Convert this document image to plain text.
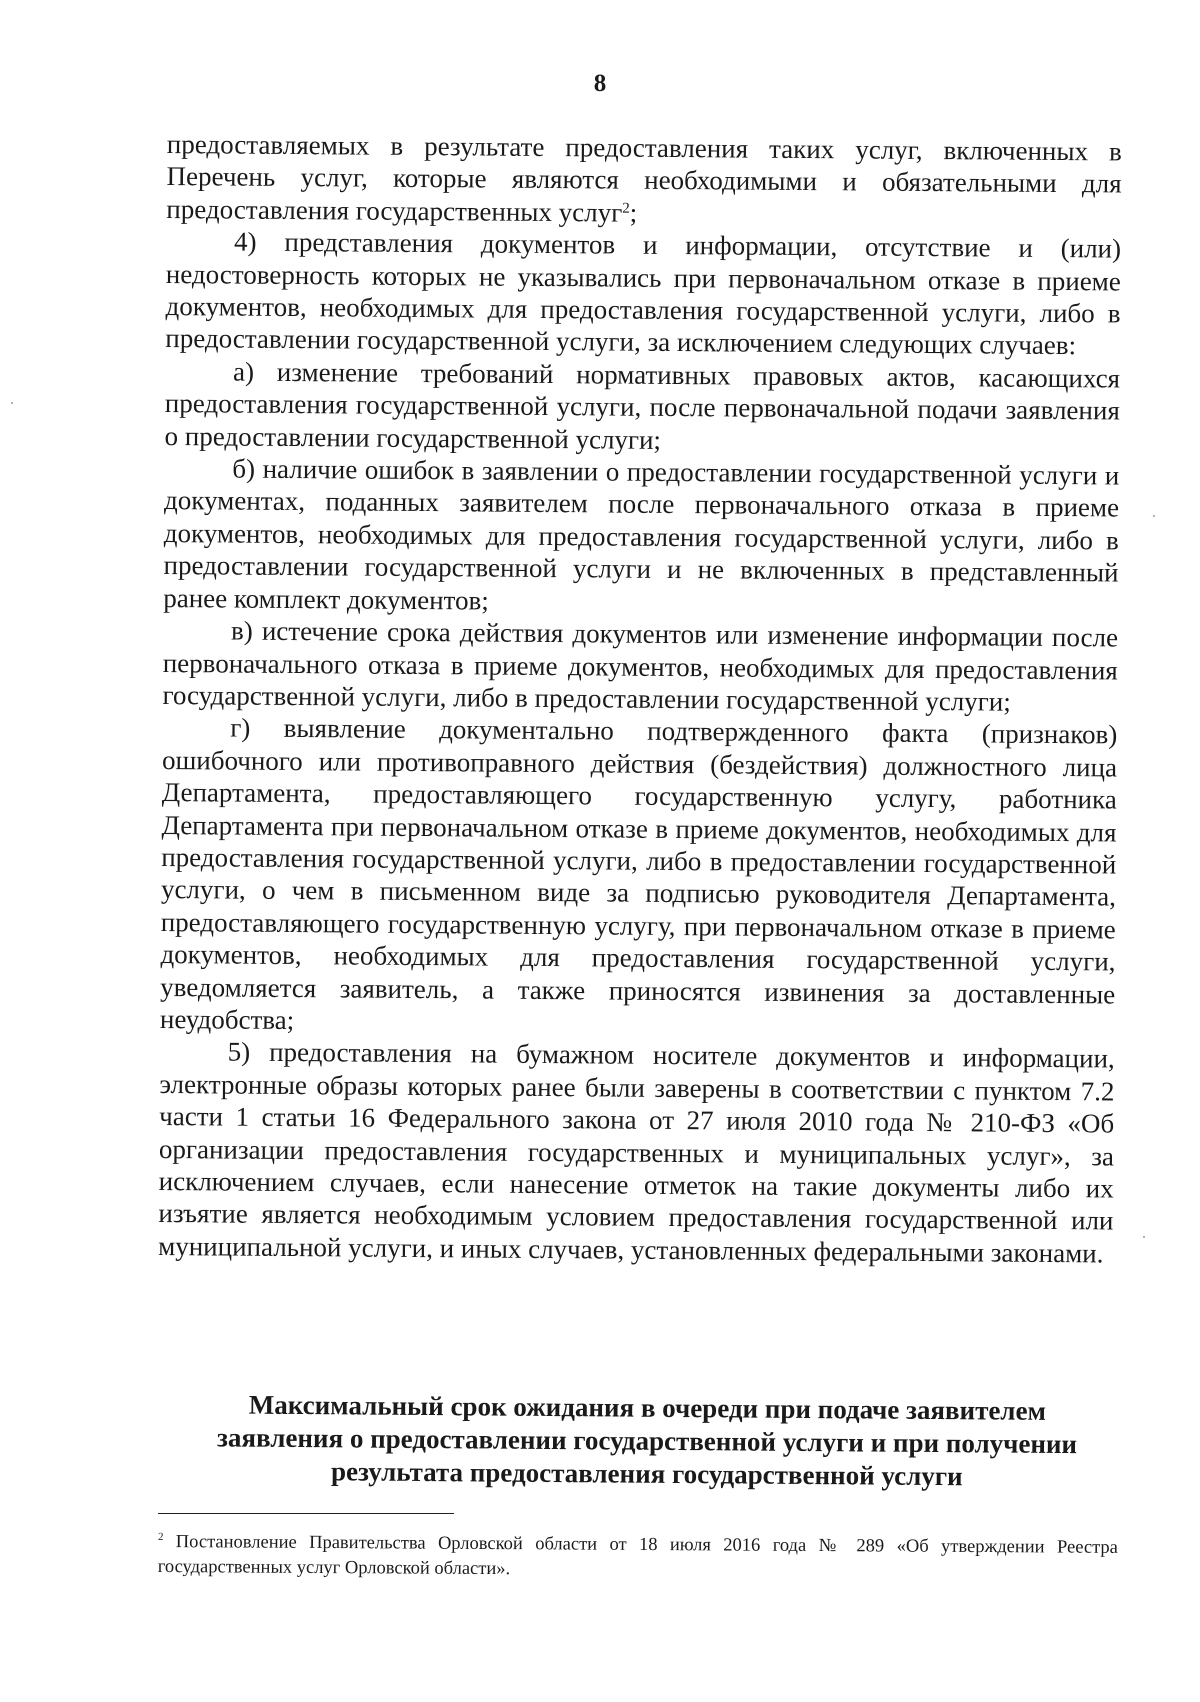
8

предоставляемых в результате предоставления таких услуг, включенных в Перечень услуг, которые являются необходимыми и обязательными для предоставления государственных услуг$^2$;

4) представления документов и информации, отсутствие и (или) недостоверность которых не указывались при первоначальном отказе в приеме документов, необходимых для предоставления государственной услуги, либо в предоставлении государственной услуги, за исключением следующих случаев:

а) изменение требований нормативных правовых актов, касающихся предоставления государственной услуги, после первоначальной подачи заявления о предоставлении государственной услуги;

б) наличие ошибок в заявлении о предоставлении государственной услуги и документах, поданных заявителем после первоначального отказа в приеме документов, необходимых для предоставления государственной услуги, либо в предоставлении государственной услуги и не включенных в представленный ранее комплект документов;

в) истечение срока действия документов или изменение информации после первоначального отказа в приеме документов, необходимых для предоставления государственной услуги, либо в предоставлении государственной услуги;

г) выявление документально подтвержденного факта (признаков) ошибочного или противоправного действия (бездействия) должностного лица Департамента, предоставляющего государственную услугу, работника Департамента при первоначальном отказе в приеме документов, необходимых для предоставления государственной услуги, либо в предоставлении государственной услуги, о чем в письменном виде за подписью руководителя Департамента, предоставляющего государственную услугу, при первоначальном отказе в приеме документов, необходимых для предоставления государственной услуги, уведомляется заявитель, а также приносятся извинения за доставленные неудобства;

5) предоставления на бумажном носителе документов и информации, электронные образы которых ранее были заверены в соответствии с пунктом 7.2 части 1 статьи 16 Федерального закона от 27 июля 2010 года № 210-ФЗ «Об организации предоставления государственных и муниципальных услуг», за исключением случаев, если нанесение отметок на такие документы либо их изъятие является необходимым условием предоставления государственной или муниципальной услуги, и иных случаев, установленных федеральными законами.

Максимальный срок ожидания в очереди при подаче заявителем
заявления о предоставлении государственной услуги и при получении
результата предоставления государственной услуги
$^2$ Постановление Правительства Орловской области от 18 июля 2016 года № 289 «Об утверждении Реестра государственных услуг Орловской области».
